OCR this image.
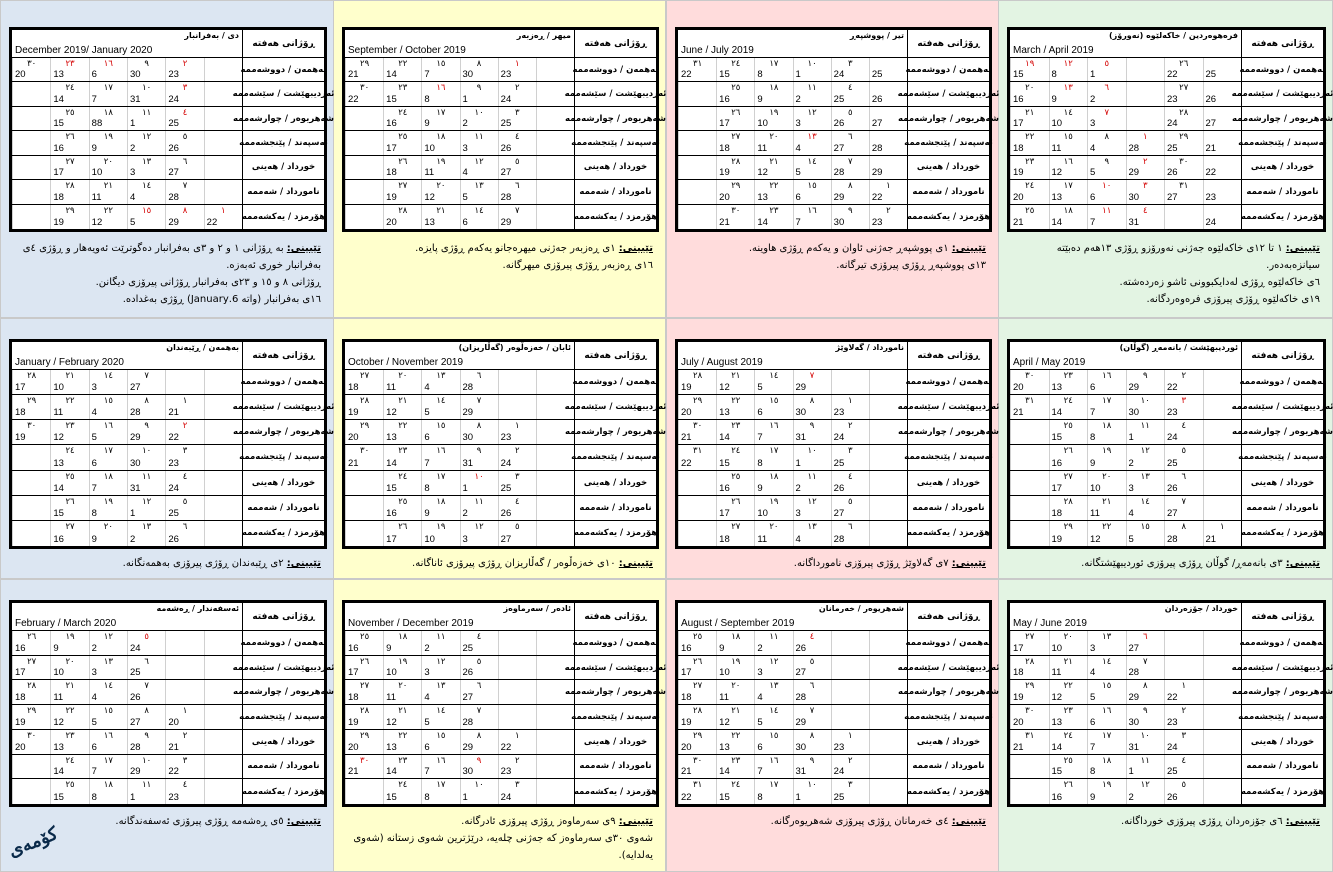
ڕۆژانی هەفتە
فرەهوەردین / خاکەلێوە (نەورۆز)
March / April 2019
بەهمەن / دووشەممە
25
٢٦
22
٥
1
١٢
8
١٩
15
ئەردیبهێشت / سێشەممە
26
٢٧
23
٦
2
١٣
9
٢٠
16
شەهریوەر / چوارشەممە
27
٢٨
24
٧
3
١٤
10
٢١
17
ئەسپەند / پێنجشەممە
21
٢٩
25
١
28
٨
4
١٥
11
٢٢
18
خورداد / هەینی
22
٣٠
26
٢
29
٩
5
١٦
12
٢٣
19
نامورداد / شەممە
23
٣١
27
٣
30
١٠
6
١٧
13
٢٤
20
هۆرمزد / یەکشەممە
24
٤
31
١١
7
١٨
14
٢٥
21
تێبینی: ١ تا ١٢ی خاکەلێوە جەژنی نەورۆزو ڕۆژی ١٣هەم دەبێتە سیانزەبەدەر.
٦ی خاکەلێوە ڕۆژی لەدایکبوونی ئاشو زەردەشتە.
١٩ی خاکەلێوە ڕۆژی پیرۆزی فرەوەردگانە.
ڕۆژانی هەفتە
تیر / پووشپەڕ
June / July 2019
بەهمەن / دووشەممە
25
٣
24
١٠
1
١٧
8
٢٤
15
٣١
22
ئەردیبهێشت / سێشەممە
26
٤
25
١١
2
١٨
9
٢٥
16
شەهریوەر / چوارشەممە
27
٥
26
١٢
3
١٩
10
٢٦
17
ئەسپەند / پێنجشەممە
28
٦
27
١٣
4
٢٠
11
٢٧
18
خورداد / هەینی
29
٧
28
١٤
5
٢١
12
٢٨
19
نامورداد / شەممە
١
22
٨
29
١٥
6
٢٢
13
٢٩
20
هۆرمزد / یەکشەممە
٢
23
٩
30
١٦
7
٢٣
14
٣٠
21
تێبینی: ١ی پووشپەڕ جەژنی ئاوان و یەکەم ڕۆژی هاوینە.
١٣ی پووشپەڕ ڕۆژی پیرۆزی تیرگانە.
ڕۆژانی هەفتە
میهر / ڕەزبەر
September / October 2019
بەهمەن / دووشەممە
١
23
٨
30
١٥
7
٢٢
14
٢٩
21
ئەردیبهێشت / سێشەممە
٢
24
٩
1
١٦
8
٢٣
15
٣٠
22
شەهریوەر / چوارشەممە
٣
25
١٠
2
١٧
9
٢٤
16
ئەسپەند / پێنجشەممە
٤
26
١١
3
١٨
10
٢٥
17
خورداد / هەینی
٥
27
١٢
4
١٩
11
٢٦
18
نامورداد / شەممە
٦
28
١٣
5
٢٠
12
٢٧
19
هۆرمزد / یەکشەممە
٧
29
١٤
6
٢١
13
٢٨
20
تێبینی: ١ی ڕەزبەر جەژنی میهرەجانو یەکەم ڕۆژی پایزە.
١٦ی ڕەزبەر ڕۆژی پیرۆزی میهرگانە.
ڕۆژانی هەفتە
دی / بەفرانبار
December 2019/ January 2020
بەهمەن / دووشەممە
٢
23
٩
30
١٦
6
٢٣
13
٣٠
20
ئەردیبهێشت / سێشەممە
٣
24
١٠
31
١٧
7
٢٤
14
شەهریوەر / چوارشەممە
٤
25
١١
1
١٨
88
٢٥
15
ئەسپەند / پێنجشەممە
٥
26
١٢
2
١٩
9
٢٦
16
خورداد / هەینی
٦
27
١٣
3
٢٠
10
٢٧
17
نامورداد / شەممە
٧
28
١٤
4
٢١
11
٢٨
18
هۆرمزد / یەکشەممە
١
22
٨
29
١٥
5
٢٢
12
٢٩
19
تێبینی: بە ڕۆژانی ١ و ٢ و ٣ی بەفرانبار دەگوترێت ئەویەهار و ڕۆژی ٤ی بەفرانبار خوری ئەبەزە.
ڕۆژانی ٨ و ١٥ و ٢٣ی بەفرانبار ڕۆژانی پیرۆزی دیگانن.
١٦ی بەفرانبار (واتە 6.January) ڕۆژی بەغدادە.
ڕۆژانی هەفتە
ئوردیبهێشت / بانەمەڕ (گوڵان)
April / May 2019
بەهمەن / دووشەممە
٢
22
٩
29
١٦
6
٢٣
13
٣٠
20
ئەردیبهێشت / سێشەممە
٣
23
١٠
30
١٧
7
٢٤
14
٣١
21
شەهریوەر / چوارشەممە
٤
24
١١
1
١٨
8
٢٥
15
ئەسپەند / پێنجشەممە
٥
25
١٢
2
١٩
9
٢٦
16
خورداد / هەینی
٦
26
١٣
3
٢٠
10
٢٧
17
نامورداد / شەممە
٧
27
١٤
4
٢١
11
٢٨
18
هۆرمزد / یەکشەممە
١
21
٨
28
١٥
5
٢٢
12
٢٩
19
تێبینی: ٣ی بانەمەڕ/ گوڵان ڕۆژی پیرۆزی ئوردیبهێشتگانە.
ڕۆژانی هەفتە
نامورداد / گەلاوێژ
July / August 2019
بەهمەن / دووشەممە
٧
29
١٤
5
٢١
12
٢٨
19
ئەردیبهێشت / سێشەممە
١
23
٨
30
١٥
6
٢٢
13
٢٩
20
شەهریوەر / چوارشەممە
٢
24
٩
31
١٦
7
٢٣
14
٣٠
21
ئەسپەند / پێنجشەممە
٣
25
١٠
1
١٧
8
٢٤
15
٣١
22
خورداد / هەینی
٤
26
١١
2
١٨
9
٢٥
16
نامورداد / شەممە
٥
27
١٢
3
١٩
10
٢٦
17
هۆرمزد / یەکشەممە
٦
28
١٣
4
٢٠
11
٢٧
18
تێبینی: ٧ی گەلاوێژ ڕۆژی پیرۆزی نامورداگانە.
ڕۆژانی هەفتە
ئابان / خەزەڵوەر (گەڵاریزان)
October / November 2019
بەهمەن / دووشەممە
٦
28
١٣
4
٢٠
11
٢٧
18
ئەردیبهێشت / سێشەممە
٧
29
١٤
5
٢١
12
٢٨
19
شەهریوەر / چوارشەممە
١
23
٨
30
١٥
6
٢٢
13
٢٩
20
ئەسپەند / پێنجشەممە
٢
24
٩
31
١٦
7
٢٣
14
٣٠
21
خورداد / هەینی
٣
25
١٠
1
١٧
8
٢٤
15
نامورداد / شەممە
٤
26
١١
2
١٨
9
٢٥
16
هۆرمزد / یەکشەممە
٥
27
١٢
3
١٩
10
٢٦
17
تێبینی: ١٠ی خەزەڵوەر / گەڵاریزان ڕۆژی پیرۆزی ئاناگانە.
ڕۆژانی هەفتە
بەهمەن / ڕێبەندان
January / February 2020
بەهمەن / دووشەممە
٧
27
١٤
3
٢١
10
٢٨
17
ئەردیبهێشت / سێشەممە
١
21
٨
28
١٥
4
٢٢
11
٢٩
18
شەهریوەر / چوارشەممە
٢
22
٩
29
١٦
5
٢٣
12
٣٠
19
ئەسپەند / پێنجشەممە
٣
23
١٠
30
١٧
6
٢٤
13
خورداد / هەینی
٤
24
١١
31
١٨
7
٢٥
14
نامورداد / شەممە
٥
25
١٢
1
١٩
8
٢٦
15
هۆرمزد / یەکشەممە
٦
26
١٣
2
٢٠
9
٢٧
16
تێبینی: ٢ی ڕێبەندان ڕۆژی پیرۆزی بەهمەنگانە.
ڕۆژانی هەفتە
خورداد / جۆزەردان
May / June 2019
بەهمەن / دووشەممە
٦
27
١٣
3
٢٠
10
٢٧
17
ئەردیبهێشت / سێشەممە
٧
28
١٤
4
٢١
11
٢٨
18
شەهریوەر / چوارشەممە
١
22
٨
29
١٥
5
٢٢
12
٢٩
19
ئەسپەند / پێنجشەممە
٢
23
٩
30
١٦
6
٢٣
13
٣٠
20
خورداد / هەینی
٣
24
١٠
31
١٧
7
٢٤
14
٣١
21
نامورداد / شەممە
٤
25
١١
1
١٨
8
٢٥
15
هۆرمزد / یەکشەممە
٥
26
١٢
2
١٩
9
٢٦
16
تێبینی: ٦ی جۆزەردان ڕۆژی پیرۆزی خورداگانە.
ڕۆژانی هەفتە
شەهریوەر / خەرمانان
August / September 2019
بەهمەن / دووشەممە
٤
26
١١
2
١٨
9
٢٥
16
ئەردیبهێشت / سێشەممە
٥
27
١٢
3
١٩
10
٢٦
17
شەهریوەر / چوارشەممە
٦
28
١٣
4
٢٠
11
٢٧
18
ئەسپەند / پێنجشەممە
٧
29
١٤
5
٢١
12
٢٨
19
خورداد / هەینی
١
23
٨
30
١٥
6
٢٢
13
٢٩
20
نامورداد / شەممە
٢
24
٩
31
١٦
7
٢٣
14
٣٠
21
هۆرمزد / یەکشەممە
٣
25
١٠
1
١٧
8
٢٤
15
٣١
22
تێبینی: ٤ی خەرمانان ڕۆژی پیرۆزی شەهریوەرگانە.
ڕۆژانی هەفتە
ئادەر / سەرماوەز
November / December 2019
بەهمەن / دووشەممە
٤
25
١١
2
١٨
9
٢٥
16
ئەردیبهێشت / سێشەممە
٥
26
١٢
3
١٩
10
٢٦
17
شەهریوەر / چوارشەممە
٦
27
١٣
4
٢٠
11
٢٧
18
ئەسپەند / پێنجشەممە
٧
28
١٤
5
٢١
12
٢٨
19
خورداد / هەینی
١
22
٨
29
١٥
6
٢٢
13
٢٩
20
نامورداد / شەممە
٢
23
٩
30
١٦
7
٢٣
14
٣٠
21
هۆرمزد / یەکشەممە
٣
24
١٠
1
١٧
8
٢٤
15
تێبینی: ٩ی سەرماوەز ڕۆژی پیرۆزی ئادرگانە.
شەوی ٣٠ی سەرماوەز کە جەژنی چلەیە، درێژترین شەوی زستانە (شەوی یەلدایە).
ڕۆژانی هەفتە
ئەسفەندار / ڕەشەمە
February / March 2020
بەهمەن / دووشەممە
٥
24
١٢
2
١٩
9
٢٦
16
ئەردیبهێشت / سێشەممە
٦
25
١٣
3
٢٠
10
٢٧
17
شەهریوەر / چوارشەممە
٧
26
١٤
4
٢١
11
٢٨
18
ئەسپەند / پێنجشەممە
١
20
٨
27
١٥
5
٢٢
12
٢٩
19
خورداد / هەینی
٢
21
٩
28
١٦
6
٢٣
13
٣٠
20
نامورداد / شەممە
٣
22
١٠
29
١٧
7
٢٤
14
هۆرمزد / یەکشەممە
٤
23
١١
1
١٨
8
٢٥
15
تێبینی: ٥ی ڕەشەمە ڕۆژی پیرۆزی ئەسفەندگانە.
کۆمەی
